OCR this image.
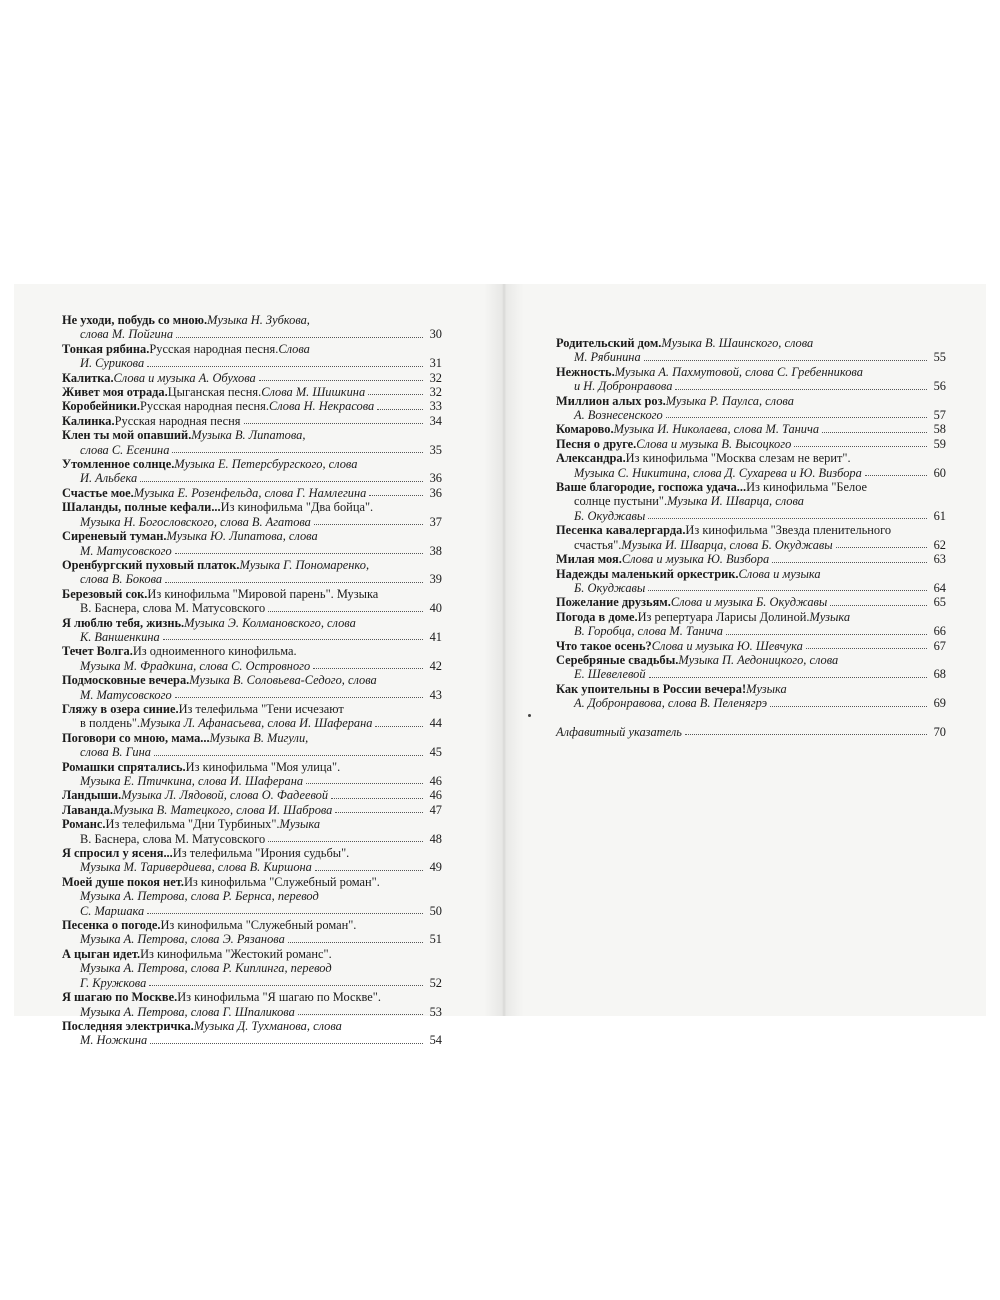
Не уходи, побудь со мною. Музыка Н. Зубкова,
слова М. Пойгина	30
Тонкая рябина. Русская народная песня. Слова
И. Сурикова	31
Калитка. Слова и музыка А. Обухова	32
Живет моя отрада. Цыганская песня. Слова М. Шишкина	32
Коробейники. Русская народная песня. Слова Н. Некрасова	33
Калинка. Русская народная песня	34
Клен ты мой опавший. Музыка В. Липатова,
слова С. Есенина	35
Утомленное солнце. Музыка Е. Петерсбургского, слова
И. Альбека	36
Счастье мое. Музыка Е. Розенфельда, слова Г. Намлегина	36
Шаланды, полные кефали... Из кинофильма "Два бойца".
Музыка Н. Богословского, слова В. Агатова	37
Сиреневый туман. Музыка Ю. Липатова, слова
М. Матусовского	38
Оренбургский пуховый платок. Музыка Г. Пономаренко,
слова В. Бокова	39
Березовый сок. Из кинофильма "Мировой парень". Музыка
В. Баснера, слова М. Матусовского	40
Я люблю тебя, жизнь. Музыка Э. Колмановского, слова
К. Ваншенкина	41
Течет Волга. Из одноименного кинофильма.
Музыка М. Фрадкина, слова С. Островного	42
Подмосковные вечера. Музыка В. Соловьева-Седого, слова
М. Матусовского	43
Гляжу в озера синие. Из телефильма "Тени исчезают
в полдень". Музыка Л. Афанасьева, слова И. Шаферана	44
Поговори со мною, мама... Музыка В. Мигули,
слова В. Гина	45
Ромашки спрятались. Из кинофильма "Моя улица".
Музыка Е. Птичкина, слова И. Шаферана	46
Ландыши. Музыка Л. Лядовой, слова О. Фадеевой	46
Лаванда. Музыка В. Матецкого, слова И. Шаброва	47
Романс. Из телефильма "Дни Турбиных". Музыка
В. Баснера, слова М. Матусовского	48
Я спросил у ясеня... Из телефильма "Ирония судьбы".
Музыка М. Таривердиева, слова В. Киршона	49
Моей душе покоя нет. Из кинофильма "Служебный роман".
Музыка А. Петрова, слова Р. Бернса, перевод
С. Маршака	50
Песенка о погоде. Из кинофильма "Служебный роман".
Музыка А. Петрова, слова Э. Рязанова	51
А цыган идет. Из кинофильма "Жестокий романс".
Музыка А. Петрова, слова Р. Киплинга, перевод
Г. Кружкова	52
Я шагаю по Москве. Из кинофильма "Я шагаю по Москве".
Музыка А. Петрова, слова Г. Шпаликова	53
Последняя электричка. Музыка Д. Тухманова, слова
М. Ножкина	54
Родительский дом. Музыка В. Шаинского, слова
М. Рябинина	55
Нежность. Музыка А. Пахмутовой, слова С. Гребенникова
и Н. Добронравова	56
Миллион алых роз. Музыка Р. Паулса, слова
А. Вознесенского	57
Комарово. Музыка И. Николаева, слова М. Танича	58
Песня о друге. Слова и музыка В. Высоцкого	59
Александра. Из кинофильма "Москва слезам не верит".
Музыка С. Никитина, слова Д. Сухарева и Ю. Визбора	60
Ваше благородие, госпожа удача... Из кинофильма "Белое
солнце пустыни". Музыка И. Шварца, слова
Б. Окуджавы	61
Песенка кавалергарда. Из кинофильма "Звезда пленительного
счастья". Музыка И. Шварца, слова Б. Окуджавы	62
Милая моя. Слова и музыка Ю. Визбора	63
Надежды маленький оркестрик. Слова и музыка
Б. Окуджавы	64
Пожелание друзьям. Слова и музыка Б. Окуджавы	65
Погода в доме. Из репертуара Ларисы Долиной. Музыка
В. Горобца, слова М. Танича	66
Что такое осень? Слова и музыка Ю. Шевчука	67
Серебряные свадьбы. Музыка П. Аедоницкого, слова
Е. Шевелевой	68
Как упоительны в России вечера! Музыка
А. Добронравова, слова В. Пеленягрэ	69
Алфавитный указатель	70
